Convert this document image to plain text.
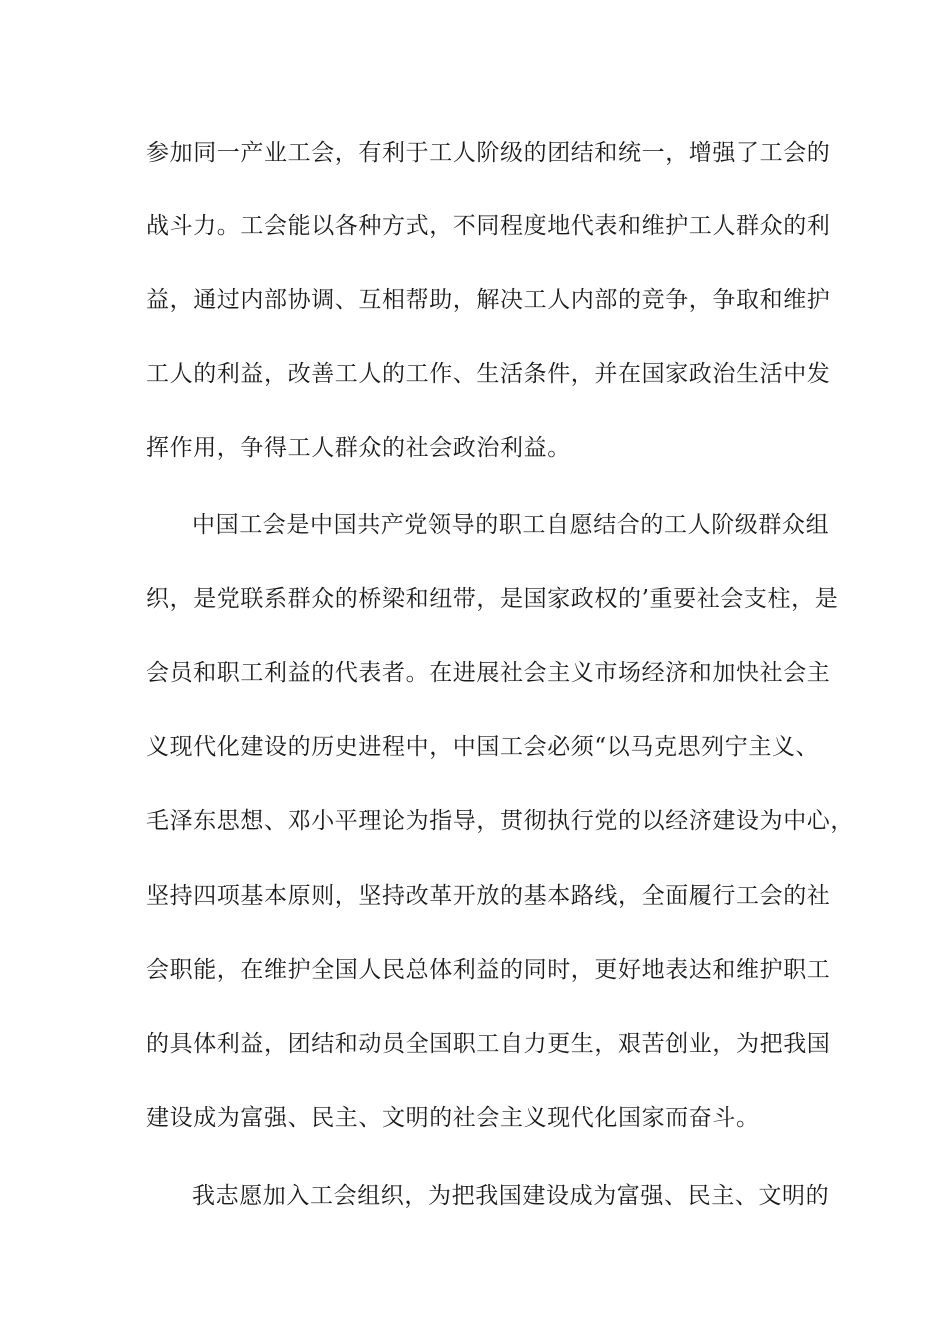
参加同一产业工会，有利于工人阶级的团结和统一，增强了工会的
战斗力。工会能以各种方式，不同程度地代表和维护工人群众的利
益，通过内部协调、互相帮助，解决工人内部的竞争，争取和维护
工人的利益，改善工人的工作、生活条件，并在国家政治生活中发
挥作用，争得工人群众的社会政治利益。
中国工会是中国共产党领导的职工自愿结合的工人阶级群众组
织，是党联系群众的桥梁和纽带，是国家政权的’重要社会支柱，是
会员和职工利益的代表者。在进展社会主义市场经济和加快社会主
义现代化建设的历史进程中，中国工会必须“以马克思列宁主义、
毛泽东思想、邓小平理论为指导，贯彻执行党的以经济建设为中心，
坚持四项基本原则，坚持改革开放的基本路线，全面履行工会的社
会职能，在维护全国人民总体利益的同时，更好地表达和维护职工
的具体利益，团结和动员全国职工自力更生，艰苦创业，为把我国
建设成为富强、民主、文明的社会主义现代化国家而奋斗。
我志愿加入工会组织，为把我国建设成为富强、民主、文明的
